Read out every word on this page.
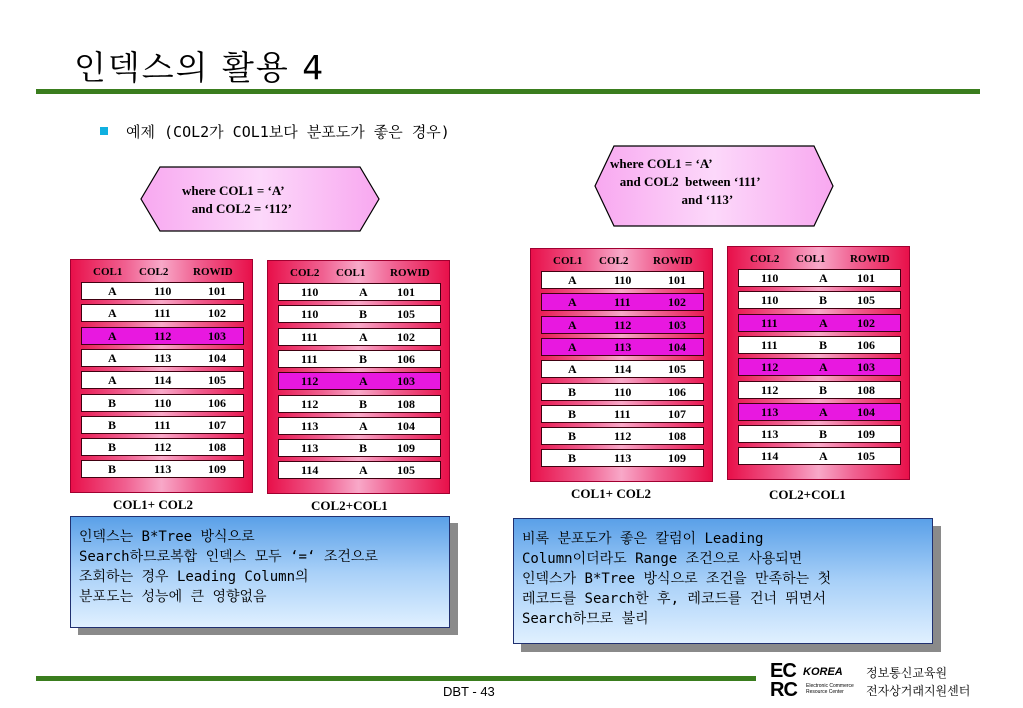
인덱스의 활용 4
예제 (COL2가 COL1보다 분포도가 좋은 경우)
where COL1 = ‘A’
and COL2 = ‘112’
where COL1 = ‘A’
and COL2  between ‘111’
and ‘113’
COL1 COL2 ROWID
A	110	101
A	111	102
A	112	103
A	113	104
A	114	105
B	110	106
B	111	107
B	112	108
B	113	109
COL2 COL1 ROWID
110	A 101
110	B 105
111	A 102
111	B 106
112	A 103
112	B 108
113	A 104
113	B 109
114	A 105
COL1 COL2 ROWID
A	110	101
A	111	102
A	112	103
A	113	104
A	114	105
B	110	106
B	111	107
B	112	108
B	113	109
COL2 COL1 ROWID
110	A 101
110	B 105
111	A 102
111	B 106
112	A 103
112	B 108
113	A 104
113	B 109
114	A 105
COL1+ COL2	COL2+COL1
COL1+ COL2	COL2+COL1
인덱스는 B*Tree 방식으로
Search하므로복합 인덱스 모두 ‘=‘ 조건으로
조회하는 경우 Leading Column의
분포도는 성능에 큰 영향없음
비록 분포도가 좋은 칼럼이 Leading
Column이더라도 Range 조건으로 사용되면
인덱스가 B*Tree 방식으로 조건을 만족하는 첫
레코드를 Search한 후, 레코드를 건너 뛰면서
Search하므로 불리
DBT - 43
EC
RC
KOREA
Electronic Commerce
Resource Center
정보통신교육원
전자상거래지원센터
